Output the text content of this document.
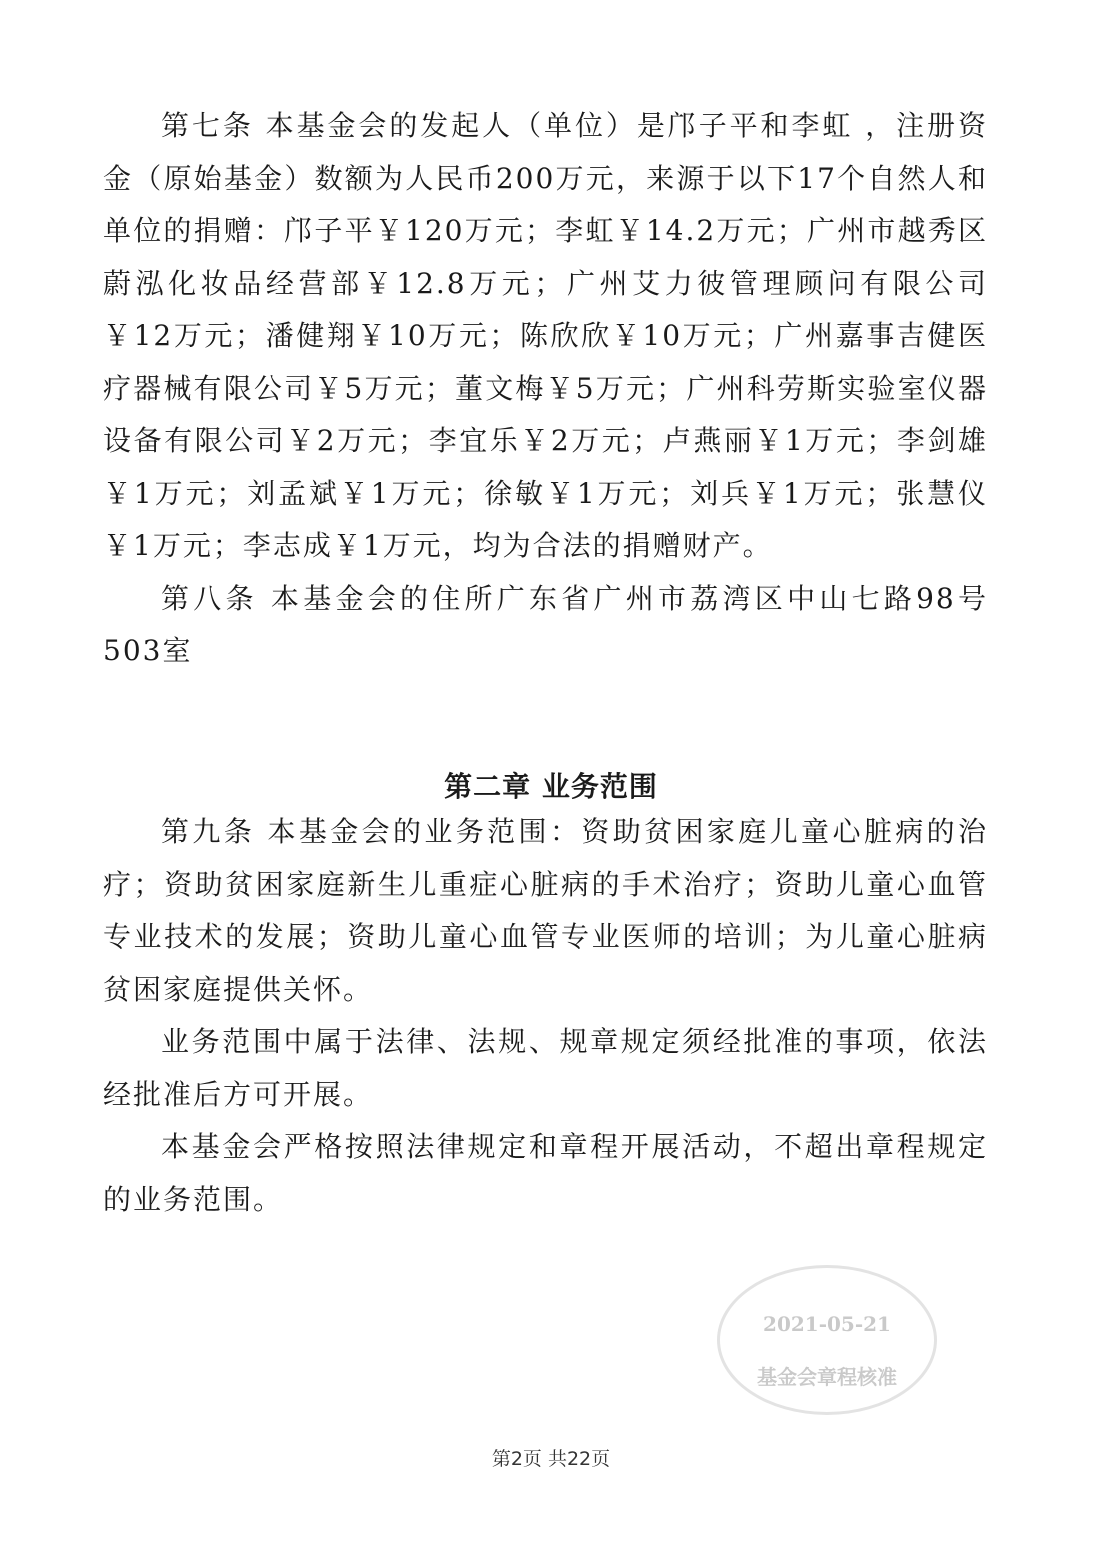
第七条 本基金会的发起人（单位）是邝子平和李虹 ，注册资金（原始基金）数额为人民币200万元，来源于以下17个自然人和单位的捐赠：邝子平￥120万元；李虹￥14.2万元；广州市越秀区蔚泓化妆品经营部￥12.8万元；广州艾力彼管理顾问有限公司￥12万元；潘健翔￥10万元；陈欣欣￥10万元；广州嘉事吉健医疗器械有限公司￥5万元；董文梅￥5万元；广州科劳斯实验室仪器设备有限公司￥2万元；李宜乐￥2万元；卢燕丽￥1万元；李剑雄￥1万元；刘孟斌￥1万元；徐敏￥1万元；刘兵￥1万元；张慧仪￥1万元；李志成￥1万元，均为合法的捐赠财产。

第八条 本基金会的住所广东省广州市荔湾区中山七路98号503室

第二章 业务范围

第九条 本基金会的业务范围：资助贫困家庭儿童心脏病的治疗；资助贫困家庭新生儿重症心脏病的手术治疗；资助儿童心血管专业技术的发展；资助儿童心血管专业医师的培训；为儿童心脏病贫困家庭提供关怀。

业务范围中属于法律、法规、规章规定须经批准的事项，依法经批准后方可开展。

本基金会严格按照法律规定和章程开展活动，不超出章程规定的业务范围。

2021-05-21
基金会章程核准
第2页 共22页
